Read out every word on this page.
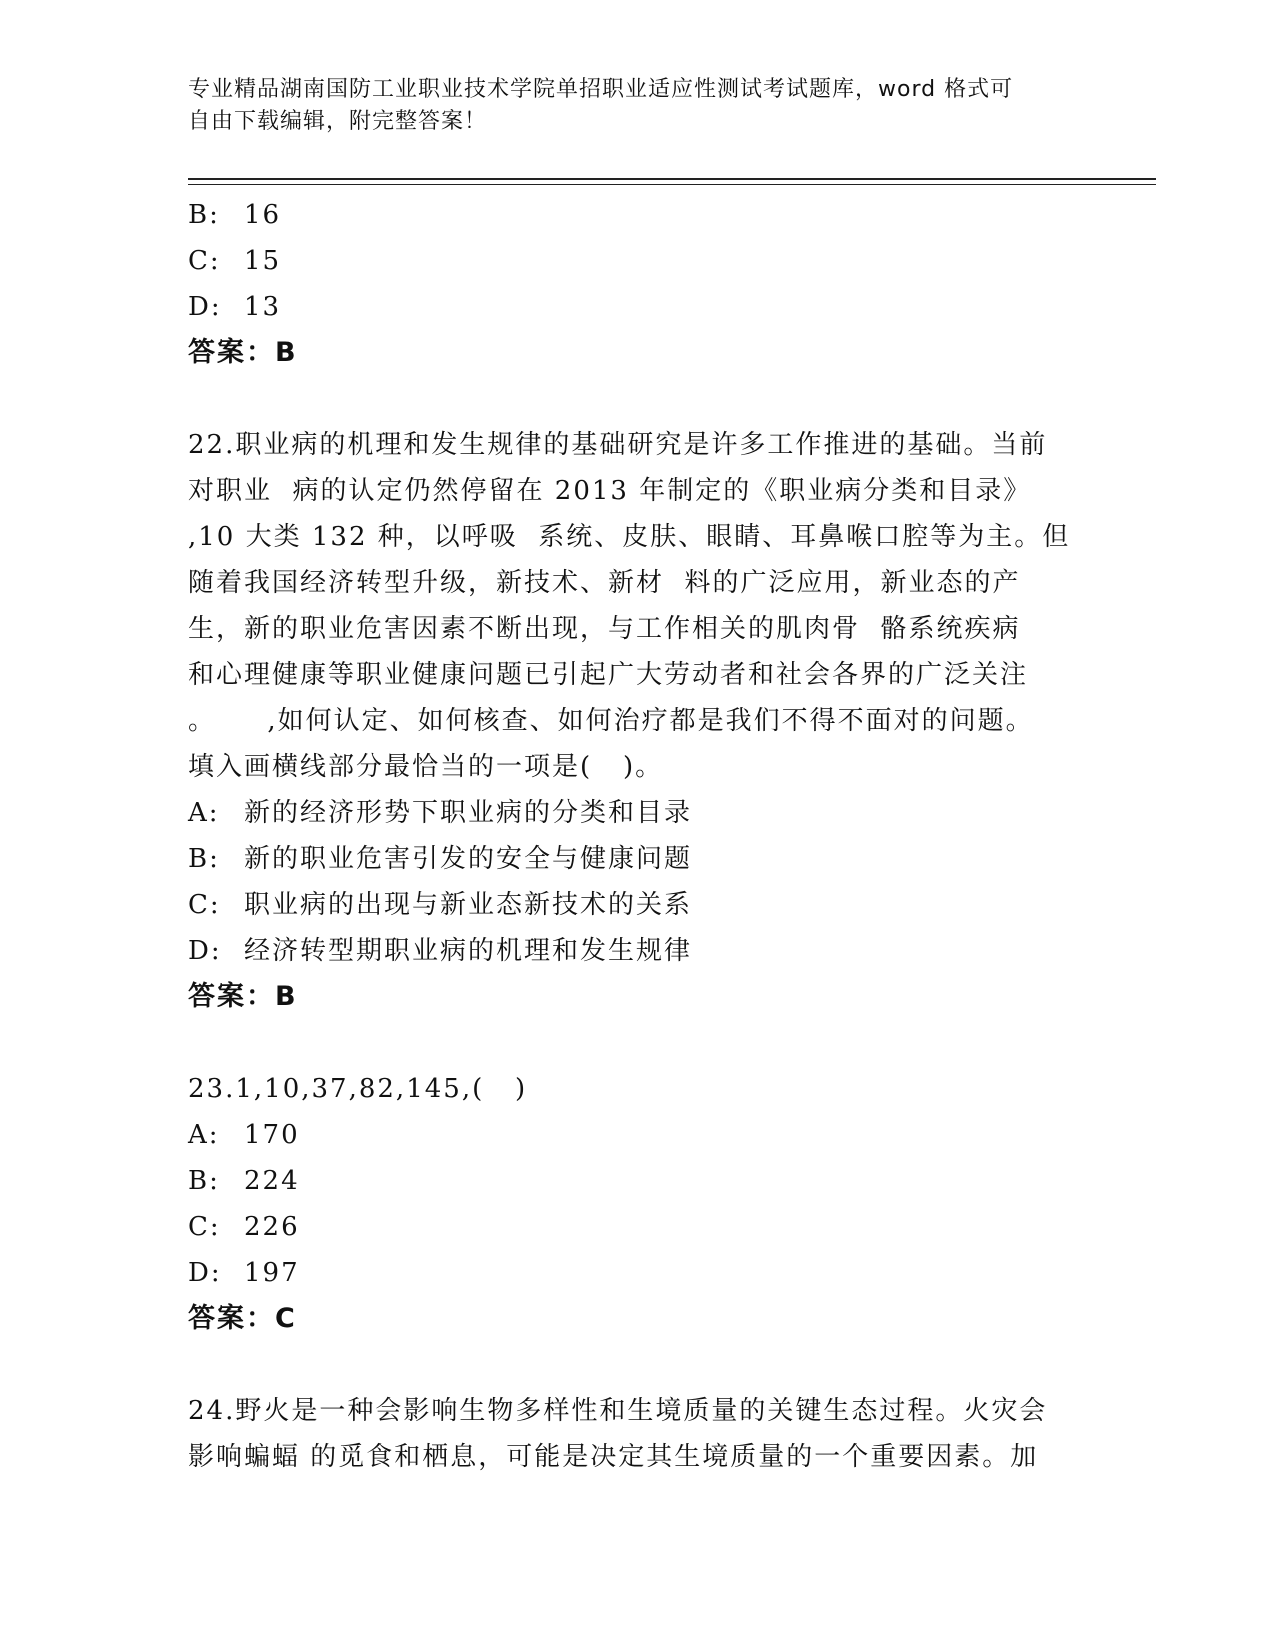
专业精品湖南国防工业职业技术学院单招职业适应性测试考试题库，word 格式可
自由下载编辑，附完整答案！
B: 16
C: 15
D: 13
答案：B
22.职业病的机理和发生规律的基础研究是许多工作推进的基础。当前
对职业  病的认定仍然停留在 2013 年制定的《职业病分类和目录》
,10 大类 132 种，以呼吸  系统、皮肤、眼睛、耳鼻喉口腔等为主。但
随着我国经济转型升级，新技术、新材  料的广泛应用，新业态的产
生，新的职业危害因素不断出现，与工作相关的肌肉骨  骼系统疾病
和心理健康等职业健康问题已引起广大劳动者和社会各界的广泛关注
。     ,如何认定、如何核查、如何治疗都是我们不得不面对的问题。
填入画横线部分最恰当的一项是(   )。
A: 新的经济形势下职业病的分类和目录
B: 新的职业危害引发的安全与健康问题
C: 职业病的出现与新业态新技术的关系
D: 经济转型期职业病的机理和发生规律
答案：B
23.1,10,37,82,145,(   )
A: 170
B: 224
C: 226
D: 197
答案：C
24.野火是一种会影响生物多样性和生境质量的关键生态过程。火灾会
影响蝙蝠 的觅食和栖息，可能是决定其生境质量的一个重要因素。加
